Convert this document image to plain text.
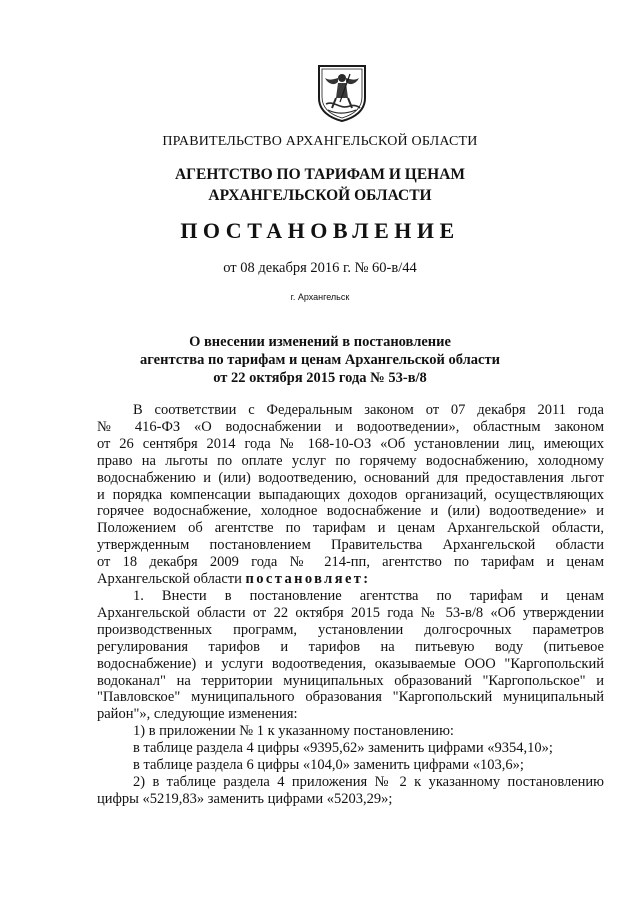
ПРАВИТЕЛЬСТВО АРХАНГЕЛЬСКОЙ ОБЛАСТИ
АГЕНТСТВО ПО ТАРИФАМ И ЦЕНАМ
АРХАНГЕЛЬСКОЙ ОБЛАСТИ
ПОСТАНОВЛЕНИЕ
от 08 декабря 2016 г. № 60-в/44
г. Архангельск
О внесении изменений в постановление
агентства по тарифам и ценам Архангельской области
от 22 октября 2015 года № 53-в/8
В соответствии с Федеральным законом от 07 декабря 2011 года
№ 416-ФЗ «О водоснабжении и водоотведении», областным законом
от 26 сентября 2014 года № 168-10-ОЗ «Об установлении лиц, имеющих
право на льготы по оплате услуг по горячему водоснабжению, холодному
водоснабжению и (или) водоотведению, оснований для предоставления льгот
и порядка компенсации выпадающих доходов организаций, осуществляющих
горячее водоснабжение, холодное водоснабжение и (или) водоотведение» и
Положением об агентстве по тарифам и ценам Архангельской области,
утвержденным постановлением Правительства Архангельской области
от 18 декабря 2009 года № 214-пп, агентство по тарифам и ценам
Архангельской области постановляет:
1. Внести в постановление агентства по тарифам и ценам
Архангельской области от 22 октября 2015 года № 53-в/8 «Об утверждении
производственных программ, установлении долгосрочных параметров
регулирования тарифов и тарифов на питьевую воду (питьевое
водоснабжение) и услуги водоотведения, оказываемые ООО "Каргопольский
водоканал" на территории муниципальных образований "Каргопольское" и
"Павловское" муниципального образования "Каргопольский муниципальный
район"», следующие изменения:
1) в приложении № 1 к указанному постановлению:
в таблице раздела 4 цифры «9395,62» заменить цифрами «9354,10»;
в таблице раздела 6 цифры «104,0» заменить цифрами «103,6»;
2) в таблице раздела 4 приложения № 2 к указанному постановлению
цифры «5219,83» заменить цифрами «5203,29»;
